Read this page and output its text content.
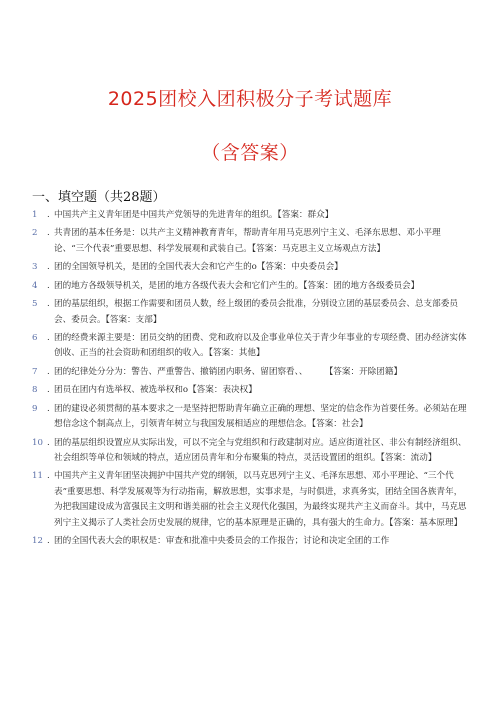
2025团校入团积极分子考试题库
（含答案）
一、填空题（共28题）
1	. 中国共产主义青年团是中国共产党领导的先进青年的组织。【答案：群众】
2	. 共青团的基本任务是：以共产主义精神教育青年，帮助青年用马克思列宁主义、毛泽东思想、邓小平理论、“三个代表”重要思想、科学发展观和武装自己。【答案：马克思主义立场观点方法】
3	. 团的全国领导机关，是团的全国代表大会和它产生的o【答案：中央委员会】
4	. 团的地方各级领导机关，是团的地方各级代表大会和它们产生的。【答案：团的地方各级委员会】
5	. 团的基层组织，根据工作需要和团员人数，经上级团的委员会批准，分别设立团的基层委员会、总支部委员会、委员会。【答案：支部】
6	. 团的经费来源主要是：团员交纳的团费、党和政府以及企事业单位关于青少年事业的专项经费、团办经济实体创收、正当的社会资助和团组织的收入。【答案：其他】
7	. 团的纪律处分分为：警告、严重警告、撤销团内职务、留团察看、、　　　【答案：开除团籍】
8	. 团员在团内有选举权、被选举权和o【答案：表决权】
9	. 团的建设必须贯彻的基本要求之一是坚持把帮助青年确立正确的理想、坚定的信念作为首要任务。必须站在理想信念这个制高点上，引领青年树立与我国发展相适应的理想信念。【答案：社会】
10 . 团的基层组织设置应从实际出发，可以不完全与党组织和行政建制对应。适应街道社区、非公有制经济组织、社会组织等单位和领域的特点，适应团员青年和分布聚集的特点，灵活设置团的组织。【答案：流动】
11 . 中国共产主义青年团坚决拥护中国共产党的纲领，以马克思列宁主义、毛泽东思想、邓小平理论、“三个代表”重要思想、科学发展观等为行动指南，解放思想，实事求是，与时俱进，求真务实，团结全国各族青年，为把我国建设成为富强民主文明和谐美丽的社会主义现代化强国，为最终实现共产主义而奋斗。其中，马克思列宁主义揭示了人类社会历史发展的规律，它的基本原理是正确的，具有强大的生命力。【答案：基本原理】
12 . 团的全国代表大会的职权是：审查和批准中央委员会的工作报告；讨论和决定全团的工作
